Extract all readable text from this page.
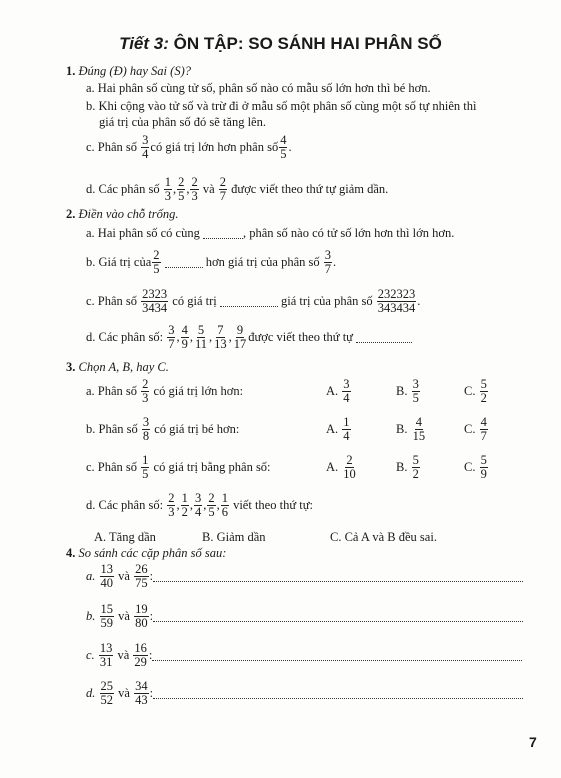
Tiết 3: ÔN TẬP: SO SÁNH HAI PHÂN SỐ
1. Đúng (Đ) hay Sai (S)?
a. Hai phân số cùng tử số, phân số nào có mẫu số lớn hơn thì bé hơn.
b. Khi cộng vào tử số và trừ đi ở mẫu số một phân số cùng một số tự nhiên thì
giá trị của phân số đó sẽ tăng lên.
c. Phân số
$\frac{3}{4}$ có giá trị lớn hơn phân số $\frac{4}{5}$ .
d. Các phân số
$\frac{1}{3}$ , $\frac{2}{5}$ , $\frac{2}{3}$
và
$\frac{2}{7}$
được viết theo thứ tự giảm dần.
2. Điền vào chỗ trống.
a. Hai phân số có cùng
	, phân số nào có tử số lớn hơn thì lớn hơn.
b. Giá trị của $\frac{2}{5}$

	hơn giá trị của phân số
$\frac{3}{7}$ .
c. Phân số
$\frac{2323}{3434}$
có giá trị

	giá trị của phân số
$\frac{232323}{343434}$ .
d. Các phân số:
$\frac{3}{7}$ , $\frac{4}{9}$ , $\frac{5}{11}$ , $\frac{7}{13}$ , $\frac{9}{17}$ được viết theo thứ tự

3. Chọn A, B, hay C.
a. Phân số
$\frac{2}{3}$
có giá trị lớn hơn:	A.
$\frac{3}{4}$	B.
$\frac{3}{5}$	C.
$\frac{5}{2}$
b. Phân số
$\frac{3}{8}$
có giá trị bé hơn:	A.
$\frac{1}{4}$	B.
$\frac{4}{15}$	C.
$\frac{4}{7}$
c. Phân số
$\frac{1}{5}$
có giá trị bằng phân số:	A.
$\frac{2}{10}$	B.
$\frac{5}{2}$	C.
$\frac{5}{9}$
d. Các phân số:
$\frac{2}{3}$ , $\frac{1}{2}$ , $\frac{3}{4}$ , $\frac{2}{5}$ , $\frac{1}{6}$
viết theo thứ tự:
A. Tăng dần	B. Giảm dần	C. Cả A và B đều sai.
4. So sánh các cặp phân số sau:
a.
$\frac{13}{40}$
và
$\frac{26}{75}$ :
b.
$\frac{15}{59}$
và
$\frac{19}{80}$ :
c.
$\frac{13}{31}$
và
$\frac{16}{29}$ :
d.
$\frac{25}{52}$
và
$\frac{34}{43}$ :
7
